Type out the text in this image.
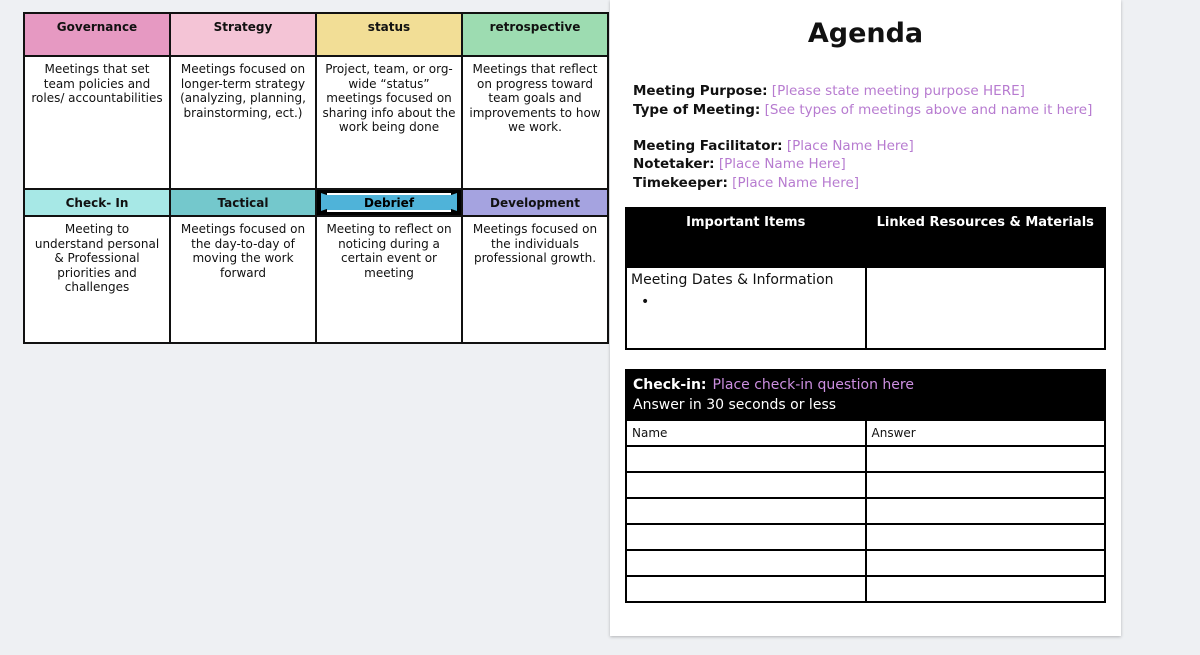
Governance	Strategy	status	retrospective

Meetings that set team policies and roles/ accountabilities	Meetings focused on longer-term strategy (analyzing, planning, brainstorming, ect.)	Project, team, or org-wide “status” meetings focused on sharing info about the work being done	Meetings that reflect on progress toward team goals and improvements to how we work.
Check- In	Tactical	Debrief	Development
Meeting to understand personal & Professional priorities and challenges	Meetings focused on the day-to-day of moving the work forward	Meeting to reflect on noticing during a certain event or meeting	Meetings focused on the individuals professional growth.
Agenda
Meeting Purpose: [Please state meeting purpose HERE]
Type of Meeting: [See types of meetings above and name it here]
Meeting Facilitator: [Place Name Here]
Notetaker: [Place Name Here]
Timekeeper: [Place Name Here]
Important Items	Linked Resources & Materials

Meeting Dates & Information
•	

Check-in: Place check-in question here
Answer in 30 seconds or less
Name	Answer
